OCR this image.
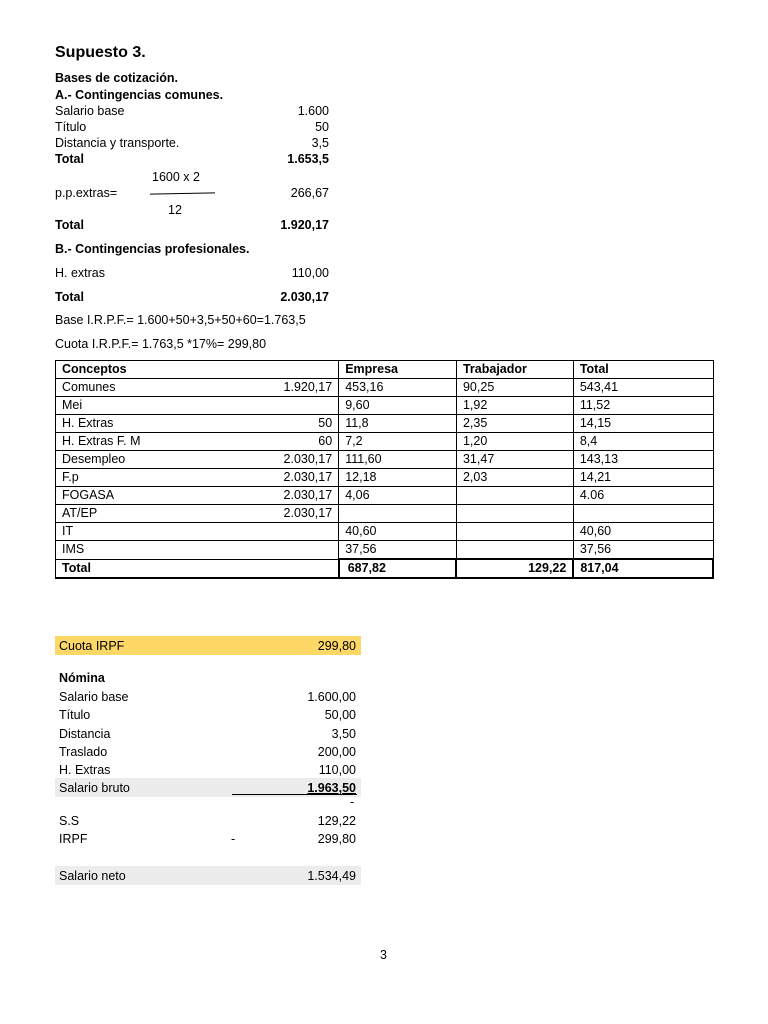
Supuesto 3.
Bases de cotización.
A.- Contingencias comunes.
Salario base	1.600
Título	50
Distancia y transporte.	3,5
Total	1.653,5
1600 x 2
p.p.extras=	266,67
12
Total	1.920,17
B.- Contingencias profesionales.
H. extras	110,00
Total	2.030,17
Base I.R.P.F.= 1.600+50+3,5+50+60=1.763,5
Cuota I.R.P.F.= 1.763,5 *17%= 299,80
Conceptos	Empresa	Trabajador	Total
Comunes 1.920,17	453,16	90,25	543,41
Mei	9,60	1,92	11,52
H. Extras 50	11,8	2,35	14,15
H. Extras F. M 60	7,2	1,20	8,4
Desempleo 2.030,17	111,60	31,47	143,13
F.p 2.030,17	12,18	2,03	14,21
FOGASA 2.030,17	4,06		4.06
AT/EP 2.030,17			

IT	40,60		40,60
IMS	37,56		37,56
Total	687,82	129,22	817,04
Cuota IRPF	299,80
Nómina
Salario base	1.600,00
Título	50,00
Distancia	3,50
Traslado	200,00
H. Extras	110,00
Salario bruto	1.963,50
-
S.S	129,22
IRPF	-	299,80
Salario neto	1.534,49
3
